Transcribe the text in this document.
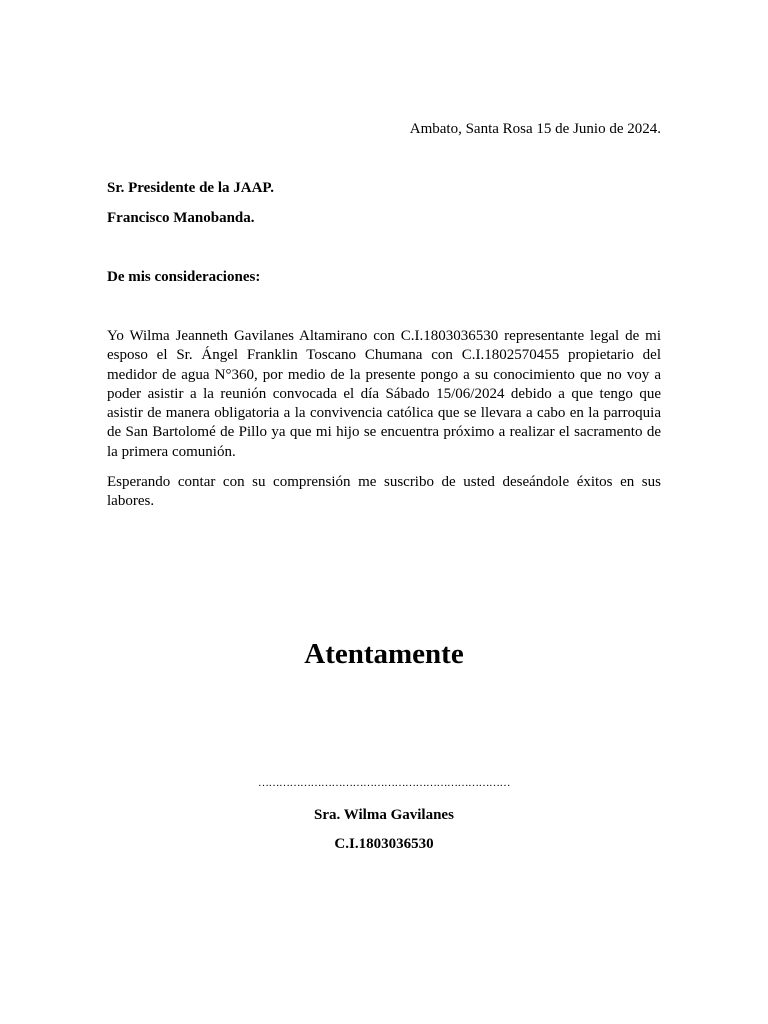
Ambato, Santa Rosa 15 de Junio de 2024.
Sr. Presidente de la JAAP.
Francisco Manobanda.
De mis consideraciones:

Yo Wilma Jeanneth Gavilanes Altamirano con C.I.1803036530 representante legal de mi esposo el Sr. Ángel Franklin Toscano Chumana con C.I.1802570455 propietario del medidor de agua N°360, por medio de la presente pongo a su conocimiento que no voy a poder asistir a la reunión convocada el día Sábado 15/06/2024 debido a que tengo que asistir de manera obligatoria a la convivencia católica que se llevara a cabo en la parroquia de San Bartolomé de Pillo ya que mi hijo se encuentra próximo a realizar el sacramento de la primera comunión.

Esperando contar con su comprensión me suscribo de usted deseándole éxitos en sus labores.

Atentamente
………………………………………………………………
Sra. Wilma Gavilanes
C.I.1803036530
